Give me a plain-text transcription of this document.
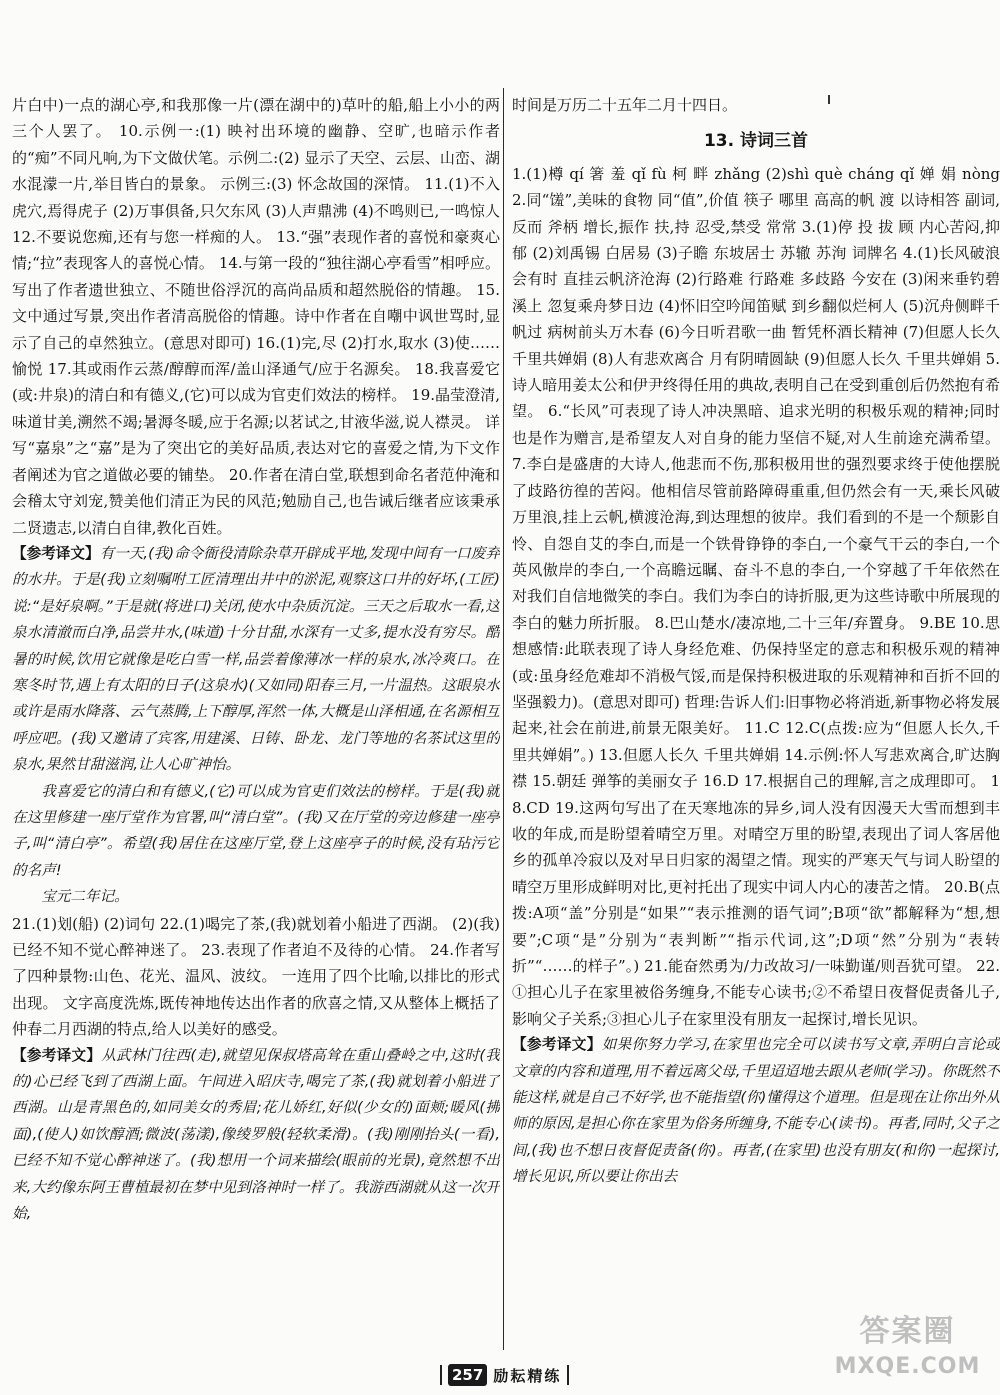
片白中)一点的湖心亭,和我那像一片(漂在湖中的)草叶的船,船上小小的两三个人罢了。 10.示例一:(1) 映衬出环境的幽静、空旷,也暗示作者的“痴”不同凡响,为下文做伏笔。示例二:(2) 显示了天空、云层、山峦、湖水混濛一片,举目皆白的景象。 示例三:(3) 怀念故国的深情。 11.(1)不入虎穴,焉得虎子 (2)万事俱备,只欠东风 (3)人声鼎沸 (4)不鸣则已,一鸣惊人 12.不要说您痴,还有与您一样痴的人。 13.“强”表现作者的喜悦和豪爽心情;“拉”表现客人的喜悦心情。 14.与第一段的“独往湖心亭看雪”相呼应。写出了作者遗世独立、不随世俗浮沉的高尚品质和超然脱俗的情趣。 15.文中通过写景,突出作者清高脱俗的情趣。诗中作者在自嘲中讽世骂时,显示了自己的卓然独立。(意思对即可) 16.(1)完,尽 (2)打水,取水 (3)使……愉悦 17.其或雨作云蒸/醇醇而浑/盖山泽通气/应于名源矣。 18.我喜爱它(或:井泉)的清白和有德义,(它)可以成为官吏们效法的榜样。 19.晶莹澄清,味道甘美,溯然不竭;暑溽冬暖,应于名源;以茗试之,甘液华滋,说人襟灵。 详写“嘉泉”之“嘉”是为了突出它的美好品质,表达对它的喜爱之情,为下文作者阐述为官之道做必要的铺垫。 20.作者在清白堂,联想到命名者范仲淹和会稽太守刘宠,赞美他们清正为民的风范;勉励自己,也告诫后继者应该秉承二贤遗志,以清白自律,教化百姓。

【参考译文】有一天,(我)命令衙役清除杂草开辟成平地,发现中间有一口废弃的水井。于是(我)立刻嘱咐工匠清理出井中的淤泥,观察这口井的好坏,(工匠)说:“是好泉啊。”于是就(将进口)关闭,使水中杂质沉淀。三天之后取水一看,这泉水清澈而白净,品尝井水,(味道)十分甘甜,水深有一丈多,提水没有穷尽。酷暑的时候,饮用它就像是吃白雪一样,品尝着像薄冰一样的泉水,冰冷爽口。在寒冬时节,遇上有太阳的日子(这泉水)(又如同)阳春三月,一片温热。这眼泉水或许是雨水降落、云气蒸腾,上下醇厚,浑然一体,大概是山泽相通,在名源相互呼应吧。(我)又邀请了宾客,用建溪、日铸、卧龙、龙门等地的名茶试这里的泉水,果然甘甜滋润,让人心旷神怡。

我喜爱它的清白和有德义,(它)可以成为官吏们效法的榜样。于是(我)就在这里修建一座厅堂作为官署,叫“清白堂”。(我)又在厅堂的旁边修建一座亭子,叫“清白亭”。希望(我)居住在这座厅堂,登上这座亭子的时候,没有玷污它的名声!

宝元二年记。

21.(1)划(船) (2)词句 22.(1)喝完了茶,(我)就划着小船进了西湖。 (2)(我)已经不知不觉心醉神迷了。 23.表现了作者迫不及待的心情。 24.作者写了四种景物:山色、花光、温风、波纹。 一连用了四个比喻,以排比的形式出现。 文字高度洗炼,既传神地传达出作者的欣喜之情,又从整体上概括了仲春二月西湖的特点,给人以美好的感受。

【参考译文】从武林门往西(走),就望见保叔塔高耸在重山叠岭之中,这时(我的)心已经飞到了西湖上面。午间进入昭庆寺,喝完了茶,(我)就划着小船进了西湖。山是青黑色的,如同美女的秀眉;花儿娇红,好似(少女的)面颊;暖风(拂面),(使人)如饮醇酒;微波(荡漾),像绫罗般(轻软柔滑)。(我)刚刚抬头(一看),已经不知不觉心醉神迷了。(我)想用一个词来描绘(眼前的光景),竟然想不出来,大约像东阿王曹植最初在梦中见到洛神时一样了。我游西湖就从这一次开始,

时间是万历二十五年二月十四日。

13. 诗词三首

1.(1)樽 qí 箸 羞 qǐ fù 柯 畔 zhǎng (2)shì què cháng qǐ 婵 娟 nòng 2.同“馐”,美味的食物 同“值”,价值 筷子 哪里 高高的帆 渡 以诗相答 副词,反而 斧柄 增长,振作 扶,持 忍受,禁受 常常 3.(1)停 投 拔 顾 内心苦闷,抑郁 (2)刘禹锡 白居易 (3)子瞻 东坡居士 苏辙 苏洵 词牌名 4.(1)长风破浪会有时 直挂云帆济沧海 (2)行路难 行路难 多歧路 今安在 (3)闲来垂钓碧溪上 忽复乘舟梦日边 (4)怀旧空吟闻笛赋 到乡翻似烂柯人 (5)沉舟侧畔千帆过 病树前头万木春 (6)今日听君歌一曲 暂凭杯酒长精神 (7)但愿人长久 千里共婵娟 (8)人有悲欢离合 月有阴晴圆缺 (9)但愿人长久 千里共婵娟 5.诗人暗用姜太公和伊尹终得任用的典故,表明自己在受到重创后仍然抱有希望。 6.“长风”可表现了诗人冲决黑暗、追求光明的积极乐观的精神;同时也是作为赠言,是希望友人对自身的能力坚信不疑,对人生前途充满希望。 7.李白是盛唐的大诗人,他悲而不伤,那积极用世的强烈要求终于使他摆脱了歧路彷徨的苦闷。他相信尽管前路障碍重重,但仍然会有一天,乘长风破万里浪,挂上云帆,横渡沧海,到达理想的彼岸。我们看到的不是一个颓影自怜、自怨自艾的李白,而是一个铁骨铮铮的李白,一个豪气干云的李白,一个英风傲岸的李白,一个高瞻远瞩、奋斗不息的李白,一个穿越了千年依然在对我们自信地微笑的李白。我们为李白的诗折服,更为这些诗歌中所展现的李白的魅力所折服。 8.巴山楚水/凄凉地,二十三年/弃置身。 9.BE 10.思想感情:此联表现了诗人身经危难、仍保持坚定的意志和积极乐观的精神(或:虽身经危难却不消极气馁,而是保持积极进取的乐观精神和百折不回的坚强毅力)。(意思对即可) 哲理:告诉人们:旧事物必将消逝,新事物必将发展起来,社会在前进,前景无限美好。 11.C 12.C(点拨:应为“但愿人长久,千里共婵娟”。) 13.但愿人长久 千里共婵娟 14.示例:怀人写悲欢离合,旷达胸襟 15.朝廷 弹筝的美丽女子 16.D 17.根据自己的理解,言之成理即可。 18.CD 19.这两句写出了在天寒地冻的异乡,词人没有因漫天大雪而想到丰收的年成,而是盼望着晴空万里。对晴空万里的盼望,表现出了词人客居他乡的孤单冷寂以及对早日归家的渴望之情。现实的严寒天气与词人盼望的晴空万里形成鲜明对比,更衬托出了现实中词人内心的凄苦之情。 20.B(点拨:A项“盖”分别是“如果”“表示推测的语气词”;B项“欲”都解释为“想,想要”;C项“是”分别为“表判断”“指示代词,这”;D项“然”分别为“表转折”“……的样子”。) 21.能奋然勇为/力改故习/一味勤谨/则吾犹可望。 22.①担心儿子在家里被俗务缠身,不能专心读书;②不希望日夜督促责备儿子,影响父子关系;③担心儿子在家里没有朋友一起探讨,增长见识。

【参考译文】如果你努力学习,在家里也完全可以读书写文章,弄明白言论或文章的内容和道理,用不着远离父母,千里迢迢地去跟从老师(学习)。你既然不能这样,就是自己不好学,也不能指望(你)懂得这个道理。但是现在让你出外从师的原因,是担心你在家里为俗务所缠身,不能专心(读书)。再者,同时,父子之间,(我)也不想日夜督促责备(你)。再者,(在家里)也没有朋友(和你)一起探讨,增长见识,所以要让你出去

257 励耘精练
答案圈
MXQE.COM
